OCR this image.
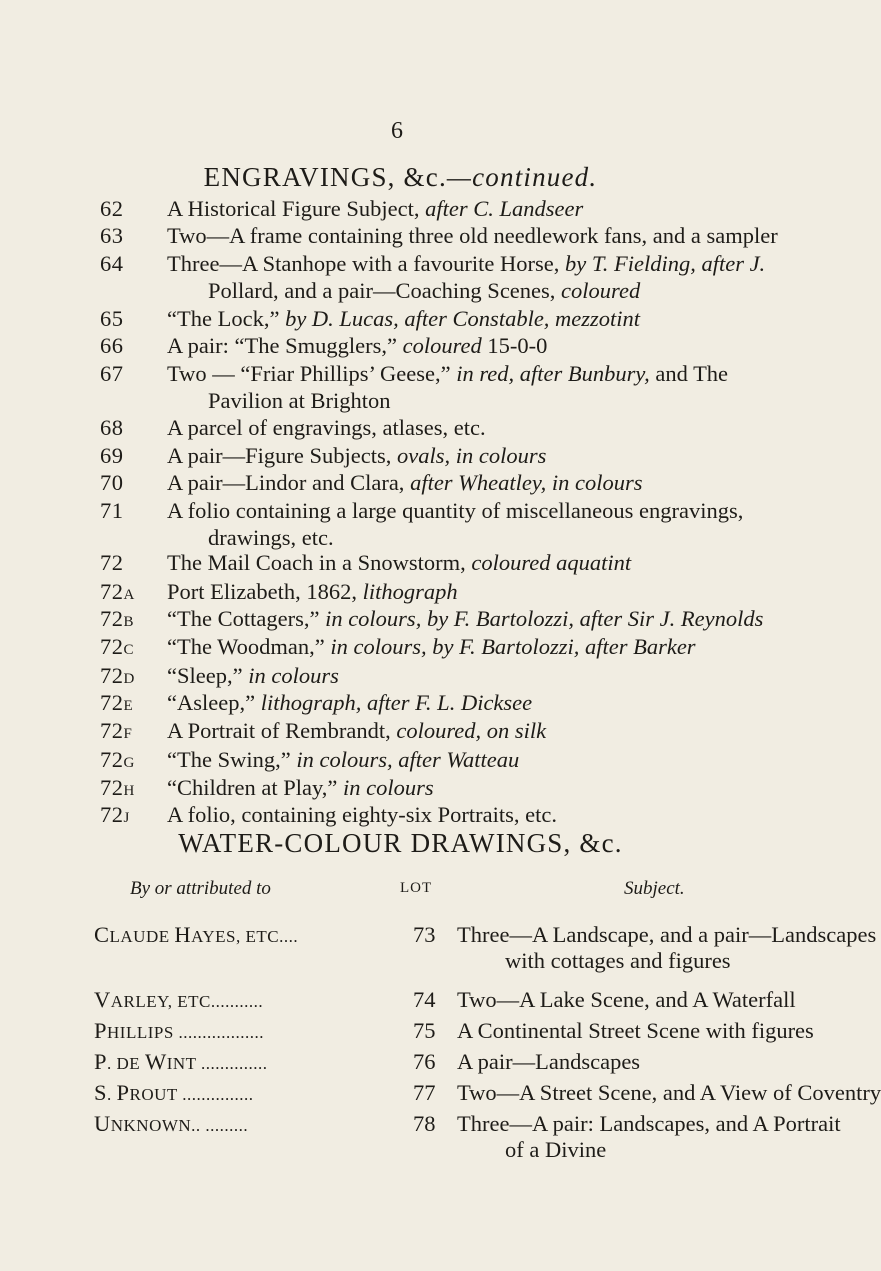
6
ENGRAVINGS, &c.—continued.
62 A Historical Figure Subject, after C. Landseer
63 Two—A frame containing three old needlework fans, and a sampler
64 Three—A Stanhope with a favourite Horse, by T. Fielding, after J.
Pollard, and a pair—Coaching Scenes, coloured
65 “The Lock,” by D. Lucas, after Constable, mezzotint
66 A pair: “The Smugglers,” coloured 15-0-0
67 Two — “Friar Phillips’ Geese,” in red, after Bunbury, and The
Pavilion at Brighton
68 A parcel of engravings, atlases, etc.
69 A pair—Figure Subjects, ovals, in colours
70 A pair—Lindor and Clara, after Wheatley, in colours
71 A folio containing a large quantity of miscellaneous engravings,
drawings, etc.
72 The Mail Coach in a Snowstorm, coloured aquatint
72A Port Elizabeth, 1862, lithograph
72B “The Cottagers,” in colours, by F. Bartolozzi, after Sir J. Reynolds
72C “The Woodman,” in colours, by F. Bartolozzi, after Barker
72D “Sleep,” in colours
72E “Asleep,” lithograph, after F. L. Dicksee
72F A Portrait of Rembrandt, coloured, on silk
72G “The Swing,” in colours, after Watteau
72H “Children at Play,” in colours
72J A folio, containing eighty-six Portraits, etc.
WATER-COLOUR DRAWINGS, &c.
By or attributed to	LOT	Subject.
CLAUDE HAYES, ETC....	73 Three—A Landscape, and a pair—Landscapes
with cottages and figures
VARLEY, ETC...........	74 Two—A Lake Scene, and A Waterfall
PHILLIPS ..................	75 A Continental Street Scene with figures
P. DE WINT ..............	76 A pair—Landscapes
S. PROUT ...............	77 Two—A Street Scene, and A View of Coventry
UNKNOWN.. .........	78 Three—A pair: Landscapes, and A Portrait
of a Divine
